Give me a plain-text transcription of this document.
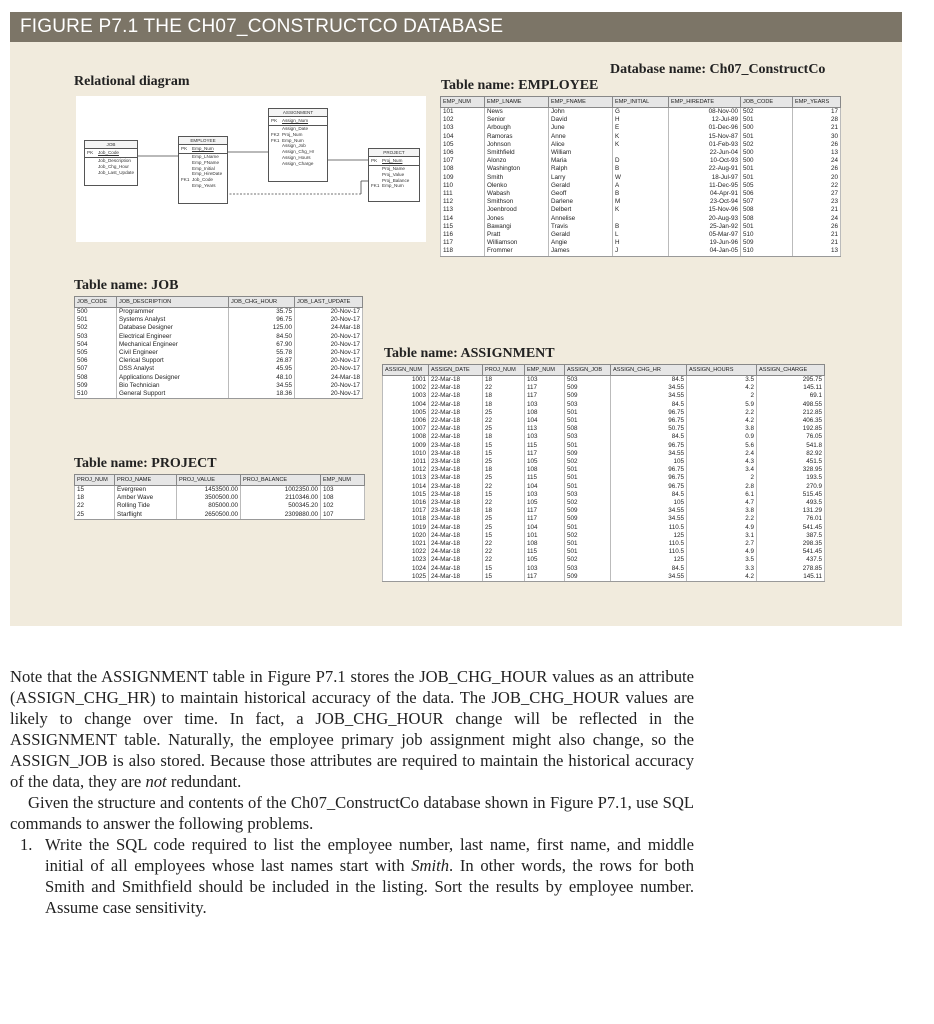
FIGURE P7.1 THE CH07_CONSTRUCTCO DATABASE
Relational diagram
Database name: Ch07_ConstructCo
Table name: EMPLOYEE
Table name: JOB
Table name: ASSIGNMENT
Table name: PROJECT
JOB
PK Job_Code
Job_Description
Job_Chg_Hour
Job_Last_Update
EMPLOYEE
PK Emp_Num
Emp_LName
Emp_FName
Emp_Initial
Emp_HireDate
FK1 Job_Code
Emp_Years
ASSIGNMENT
PK Assign_Num
Assign_Date
FK2 Proj_Num
FK1 Emp_Num
Assign_Job
Assign_Chg_Hr
Assign_Hours
Assign_Charge
PROJECT
PK Proj_Num
Proj_Name
Proj_Value
Proj_Balance
FK1 Emp_Num
EMP_NUM	EMP_LNAME	EMP_FNAME	EMP_INITIAL	EMP_HIREDATE	JOB_CODE	EMP_YEARS
101	News	John	G	08-Nov-00	502	17
102	Senior	David	H	12-Jul-89	501	28
103	Arbough	June	E	01-Dec-96	500	21
104	Ramoras	Anne	K	15-Nov-87	501	30
105	Johnson	Alice	K	01-Feb-93	502	26
106	Smithfield	William		22-Jun-04	500	13
107	Alonzo	Maria	D	10-Oct-93	500	24
108	Washington	Ralph	B	22-Aug-91	501	26
109	Smith	Larry	W	18-Jul-97	501	20
110	Olenko	Gerald	A	11-Dec-95	505	22
111	Wabash	Geoff	B	04-Apr-91	506	27
112	Smithson	Darlene	M	23-Oct-94	507	23
113	Joenbrood	Delbert	K	15-Nov-96	508	21
114	Jones	Annelise		20-Aug-93	508	24
115	Bawangi	Travis	B	25-Jan-92	501	26
116	Pratt	Gerald	L	05-Mar-97	510	21
117	Williamson	Angie	H	19-Jun-96	509	21
118	Frommer	James	J	04-Jan-05	510	13
JOB_CODE	JOB_DESCRIPTION	JOB_CHG_HOUR	JOB_LAST_UPDATE
500	Programmer	35.75	20-Nov-17
501	Systems Analyst	96.75	20-Nov-17
502	Database Designer	125.00	24-Mar-18
503	Electrical Engineer	84.50	20-Nov-17
504	Mechanical Engineer	67.90	20-Nov-17
505	Civil Engineer	55.78	20-Nov-17
506	Clerical Support	26.87	20-Nov-17
507	DSS Analyst	45.95	20-Nov-17
508	Applications Designer	48.10	24-Mar-18
509	Bio Technician	34.55	20-Nov-17
510	General Support	18.36	20-Nov-17
PROJ_NUM	PROJ_NAME	PROJ_VALUE	PROJ_BALANCE	EMP_NUM
15	Evergreen	1453500.00	1002350.00	103
18	Amber Wave	3500500.00	2110346.00	108
22	Rolling Tide	805000.00	500345.20	102
25	Starflight	2650500.00	2309880.00	107
ASSIGN_NUM	ASSIGN_DATE	PROJ_NUM	EMP_NUM	ASSIGN_JOB	ASSIGN_CHG_HR	ASSIGN_HOURS	ASSIGN_CHARGE
1001	22-Mar-18	18	103	503	84.5	3.5	295.75
1002	22-Mar-18	22	117	509	34.55	4.2	145.11
1003	22-Mar-18	18	117	509	34.55	2	69.1
1004	22-Mar-18	18	103	503	84.5	5.9	498.55
1005	22-Mar-18	25	108	501	96.75	2.2	212.85
1006	22-Mar-18	22	104	501	96.75	4.2	406.35
1007	22-Mar-18	25	113	508	50.75	3.8	192.85
1008	22-Mar-18	18	103	503	84.5	0.9	76.05
1009	23-Mar-18	15	115	501	96.75	5.6	541.8
1010	23-Mar-18	15	117	509	34.55	2.4	82.92
1011	23-Mar-18	25	105	502	105	4.3	451.5
1012	23-Mar-18	18	108	501	96.75	3.4	328.95
1013	23-Mar-18	25	115	501	96.75	2	193.5
1014	23-Mar-18	22	104	501	96.75	2.8	270.9
1015	23-Mar-18	15	103	503	84.5	6.1	515.45
1016	23-Mar-18	22	105	502	105	4.7	493.5
1017	23-Mar-18	18	117	509	34.55	3.8	131.29
1018	23-Mar-18	25	117	509	34.55	2.2	76.01
1019	24-Mar-18	25	104	501	110.5	4.9	541.45
1020	24-Mar-18	15	101	502	125	3.1	387.5
1021	24-Mar-18	22	108	501	110.5	2.7	298.35
1022	24-Mar-18	22	115	501	110.5	4.9	541.45
1023	24-Mar-18	22	105	502	125	3.5	437.5
1024	24-Mar-18	15	103	503	84.5	3.3	278.85
1025	24-Mar-18	15	117	509	34.55	4.2	145.11

Note that the ASSIGNMENT table in Figure P7.1 stores the JOB_CHG_HOUR values as an attribute (ASSIGN_CHG_HR) to maintain historical accuracy of the data. The JOB_CHG_HOUR values are likely to change over time. In fact, a JOB_CHG_HOUR change will be reflected in the ASSIGNMENT table. Naturally, the employee primary job assignment might also change, so the ASSIGN_JOB is also stored. Because those attributes are required to maintain the historical accuracy of the data, they are not redundant.

Given the structure and contents of the Ch07_ConstructCo database shown in Figure P7.1, use SQL commands to answer the following problems.

1. Write the SQL code required to list the employee number, last name, first name, and middle initial of all employees whose last names start with Smith. In other words, the rows for both Smith and Smithfield should be included in the listing. Sort the results by employee number. Assume case sensitivity.
